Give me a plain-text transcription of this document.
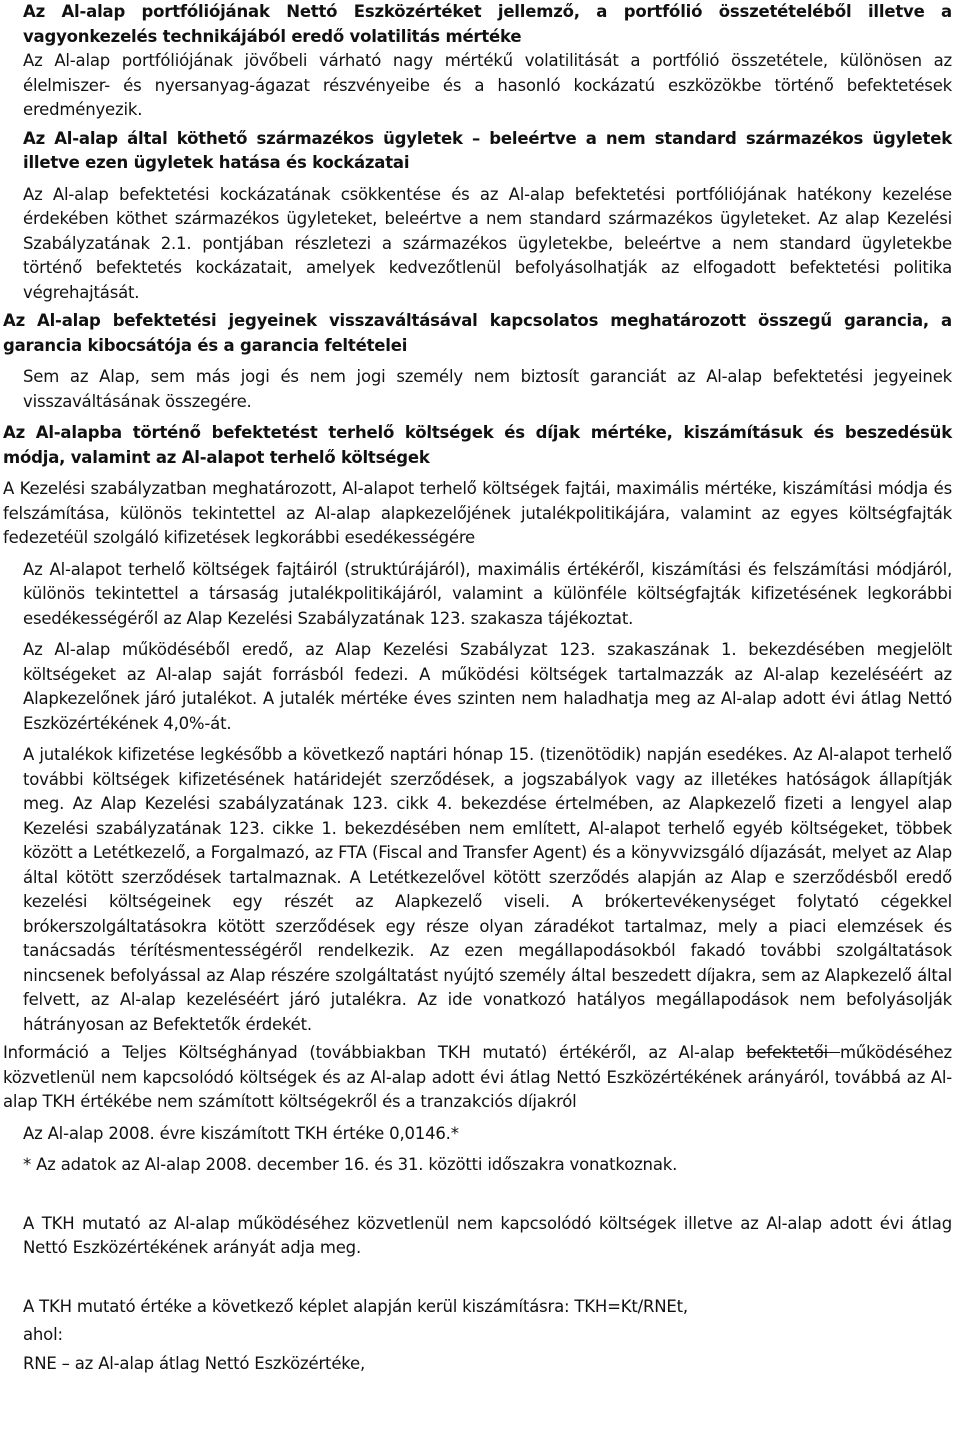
Az Al-alap portfóliójának Nettó Eszközértéket jellemző, a portfólió összetételéből illetve a vagyonkezelés technikájából eredő volatilitás mértéke

Az Al-alap portfóliójának jövőbeli várható nagy mértékű volatilitását a portfólió összetétele, különösen az élelmiszer- és nyersanyag-ágazat részvényeibe és a hasonló kockázatú eszközökbe történő befektetések eredményezik.

Az Al-alap által köthető származékos ügyletek – beleértve a nem standard származékos ügyletek illetve ezen ügyletek hatása és kockázatai

Az Al-alap befektetési kockázatának csökkentése és az Al-alap befektetési portfóliójának hatékony kezelése érdekében köthet származékos ügyleteket, beleértve a nem standard származékos ügyleteket. Az alap Kezelési Szabályzatának 2.1. pontjában részletezi a származékos ügyletekbe, beleértve a nem standard ügyletekbe történő befektetés kockázatait, amelyek kedvezőtlenül befolyásolhatják az elfogadott befektetési politika végrehajtását.

Az Al-alap befektetési jegyeinek visszaváltásával kapcsolatos meghatározott összegű garancia, a garancia kibocsátója és a garancia feltételei

Sem az Alap, sem más jogi és nem jogi személy nem biztosít garanciát az Al-alap befektetési jegyeinek visszaváltásának összegére.

Az Al-alapba történő befektetést terhelő költségek és díjak mértéke, kiszámításuk és beszedésük módja, valamint az Al-alapot terhelő költségek

A Kezelési szabályzatban meghatározott, Al-alapot terhelő költségek fajtái, maximális mértéke, kiszámítási módja és felszámítása, különös tekintettel az Al-alap alapkezelőjének jutalékpolitikájára, valamint az egyes költségfajták fedezetéül szolgáló kifizetések legkorábbi esedékességére

Az Al-alapot terhelő költségek fajtáiról (struktúrájáról), maximális értékéről, kiszámítási és felszámítási módjáról, különös tekintettel a társaság jutalékpolitikájáról, valamint a különféle költségfajták kifizetésének legkorábbi esedékességéről az Alap Kezelési Szabályzatának 123. szakasza tájékoztat.

Az Al-alap működéséből eredő, az Alap Kezelési Szabályzat 123. szakaszának 1. bekezdésében megjelölt költségeket az Al-alap saját forrásból fedezi. A működési költségek tartalmazzák az Al-alap kezeléséért az Alapkezelőnek járó jutalékot. A jutalék mértéke éves szinten nem haladhatja meg az Al-alap adott évi átlag Nettó Eszközértékének 4,0%-át.

A jutalékok kifizetése legkésőbb a következő naptári hónap 15. (tizenötödik) napján esedékes. Az Al-alapot terhelő további költségek kifizetésének határidejét szerződések, a jogszabályok vagy az illetékes hatóságok állapítják meg. Az Alap Kezelési szabályzatának 123. cikk 4. bekezdése értelmében, az Alapkezelő fizeti a lengyel alap Kezelési szabályzatának 123. cikke 1. bekezdésében nem említett, Al-alapot terhelő egyéb költségeket, többek között a Letétkezelő, a Forgalmazó, az FTA (Fiscal and Transfer Agent) és a könyvvizsgáló díjazását, melyet az Alap által kötött szerződések tartalmaznak. A Letétkezelővel kötött szerződés alapján az Alap e szerződésből eredő kezelési költségeinek egy részét az Alapkezelő viseli. A brókertevékenységet folytató cégekkel brókerszolgáltatásokra kötött szerződések egy része olyan záradékot tartalmaz, mely a piaci elemzések és tanácsadás térítésmentességéről rendelkezik. Az ezen megállapodásokból fakadó további szolgáltatások nincsenek befolyással az Alap részére szolgáltatást nyújtó személy által beszedett díjakra, sem az Alapkezelő által felvett, az Al-alap kezeléséért járó jutalékra. Az ide vonatkozó hatályos megállapodások nem befolyásolják hátrányosan az Befektetők érdekét.

Információ a Teljes Költséghányad (továbbiakban TKH mutató) értékéről, az Al-alap befektetői működéséhez közvetlenül nem kapcsolódó költségek és az Al-alap adott évi átlag Nettó Eszközértékének arányáról, továbbá az Al-alap TKH értékébe nem számított költségekről és a tranzakciós díjakról

Az Al-alap 2008. évre kiszámított TKH értéke 0,0146.*

* Az adatok az Al-alap 2008. december 16. és 31. közötti időszakra vonatkoznak.

A TKH mutató az Al-alap működéséhez közvetlenül nem kapcsolódó költségek illetve az Al-alap adott évi átlag Nettó Eszközértékének arányát adja meg.

A TKH mutató értéke a következő képlet alapján kerül kiszámításra: TKH=Kt/RNEt,

ahol:

RNE – az Al-alap átlag Nettó Eszközértéke,
